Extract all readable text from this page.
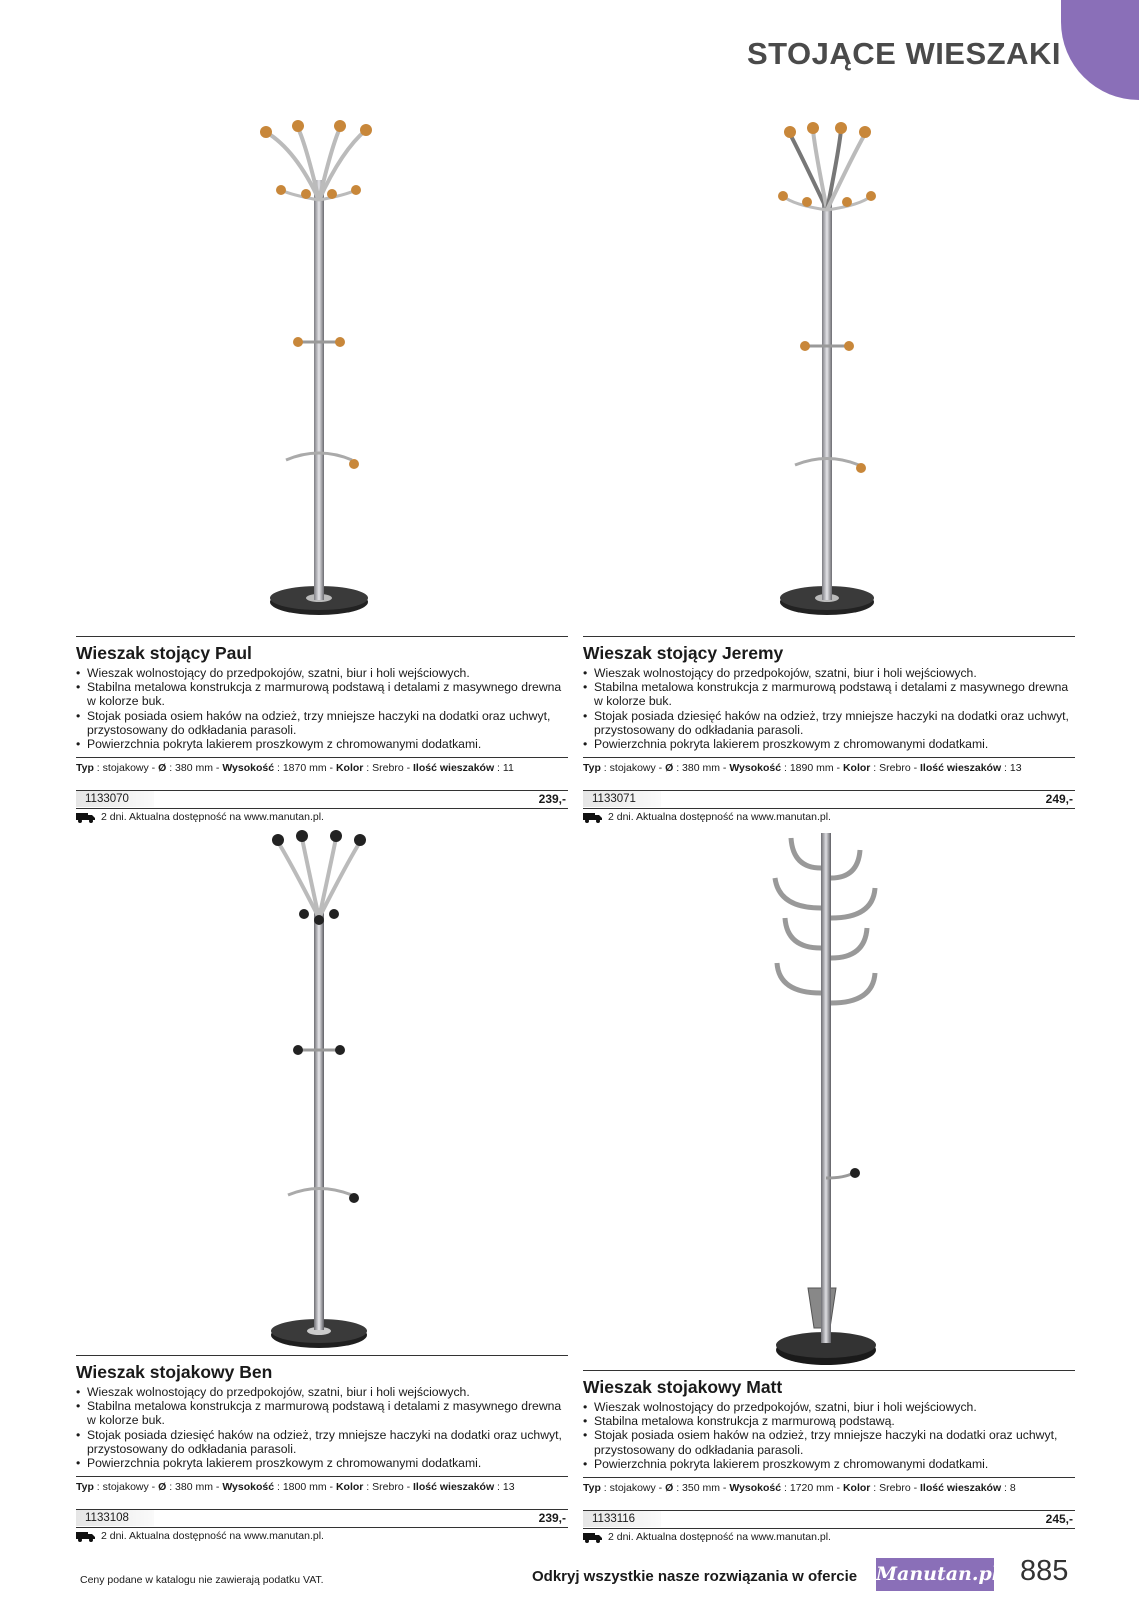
STOJĄCE WIESZAKI
Wieszak stojący Paul
• Wieszak wolnostojący do przedpokojów, szatni, biur i holi wejściowych.
• Stabilna metalowa konstrukcja z marmurową podstawą i detalami z masywnego drewna w kolorze buk.
• Stojak posiada osiem haków na odzież, trzy mniejsze haczyki na dodatki oraz uchwyt, przystosowany do odkładania parasoli.
• Powierzchnia pokryta lakierem proszkowym z chromowanymi dodatkami.
Typ : stojakowy - Ø : 380 mm - Wysokość : 1870 mm - Kolor : Srebro - Ilość wieszaków : 11
1133070	239,-
2 dni. Aktualna dostępność na www.manutan.pl.
Wieszak stojący Jeremy
• Wieszak wolnostojący do przedpokojów, szatni, biur i holi wejściowych.
• Stabilna metalowa konstrukcja z marmurową podstawą i detalami z masywnego drewna w kolorze buk.
• Stojak posiada dziesięć haków na odzież, trzy mniejsze haczyki na dodatki oraz uchwyt, przystosowany do odkładania parasoli.
• Powierzchnia pokryta lakierem proszkowym z chromowanymi dodatkami.
Typ : stojakowy - Ø : 380 mm - Wysokość : 1890 mm - Kolor : Srebro - Ilość wieszaków : 13
1133071	249,-
2 dni. Aktualna dostępność na www.manutan.pl.
Wieszak stojakowy Ben
• Wieszak wolnostojący do przedpokojów, szatni, biur i holi wejściowych.
• Stabilna metalowa konstrukcja z marmurową podstawą i detalami z masywnego drewna w kolorze buk.
• Stojak posiada dziesięć haków na odzież, trzy mniejsze haczyki na dodatki oraz uchwyt, przystosowany do odkładania parasoli.
• Powierzchnia pokryta lakierem proszkowym z chromowanymi dodatkami.
Typ : stojakowy - Ø : 380 mm - Wysokość : 1800 mm - Kolor : Srebro - Ilość wieszaków : 13
1133108	239,-
2 dni. Aktualna dostępność na www.manutan.pl.
Wieszak stojakowy Matt
• Wieszak wolnostojący do przedpokojów, szatni, biur i holi wejściowych.
• Stabilna metalowa konstrukcja z marmurową podstawą.
• Stojak posiada osiem haków na odzież, trzy mniejsze haczyki na dodatki oraz uchwyt, przystosowany do odkładania parasoli.
• Powierzchnia pokryta lakierem proszkowym z chromowanymi dodatkami.
Typ : stojakowy - Ø : 350 mm - Wysokość : 1720 mm - Kolor : Srebro - Ilość wieszaków : 8
1133116	245,-
2 dni. Aktualna dostępność na www.manutan.pl.
Ceny podane w katalogu nie zawierają podatku VAT.	Odkryj wszystkie nasze rozwiązania w ofercie Manutan.pl 885
